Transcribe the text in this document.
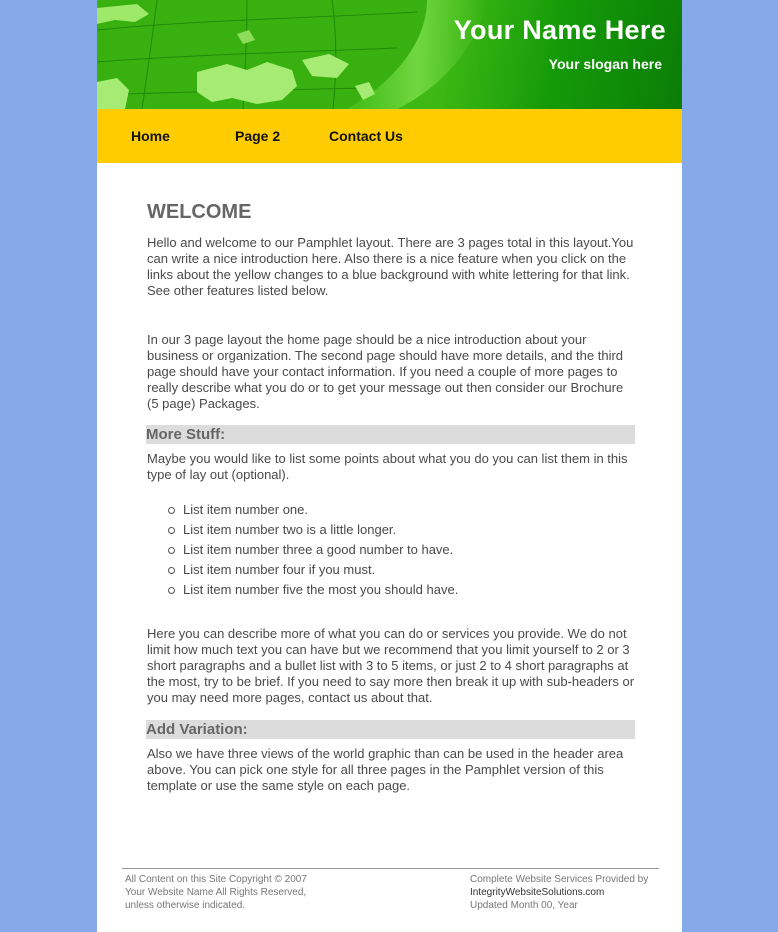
Your Name Here
Your slogan here
Home	Page 2	Contact Us
WELCOME

Hello and welcome to our Pamphlet layout. There are 3 pages total in this layout.You can write a nice introduction here. Also there is a nice feature when you click on the links about the yellow changes to a blue background with white lettering for that link. See other features listed below.

In our 3 page layout the home page should be a nice introduction about your business or organization. The second page should have more details, and the third page should have your contact information. If you need a couple of more pages to really describe what you do or to get your message out then consider our Brochure (5 page) Packages.

More Stuff:

Maybe you would like to list some points about what you do you can list them in this type of lay out (optional).

List item number one.
List item number two is a little longer.
List item number three a good number to have.
List item number four if you must.
List item number five the most you should have.

Here you can describe more of what you can do or services you provide. We do not limit how much text you can have but we recommend that you limit yourself to 2 or 3 short paragraphs and a bullet list with 3 to 5 items, or just 2 to 4 short paragraphs at the most, try to be brief. If you need to say more then break it up with sub-headers or you may need more pages, contact us about that.

Add Variation:

Also we have three views of the world graphic than can be used in the header area above. You can pick one style for all three pages in the Pamphlet version of this template or use the same style on each page.

All Content on this Site Copyright © 2007
Your Website Name All Rights Reserved,
unless otherwise indicated.
Complete Website Services Provided by
IntegrityWebsiteSolutions.com
Updated Month 00, Year
